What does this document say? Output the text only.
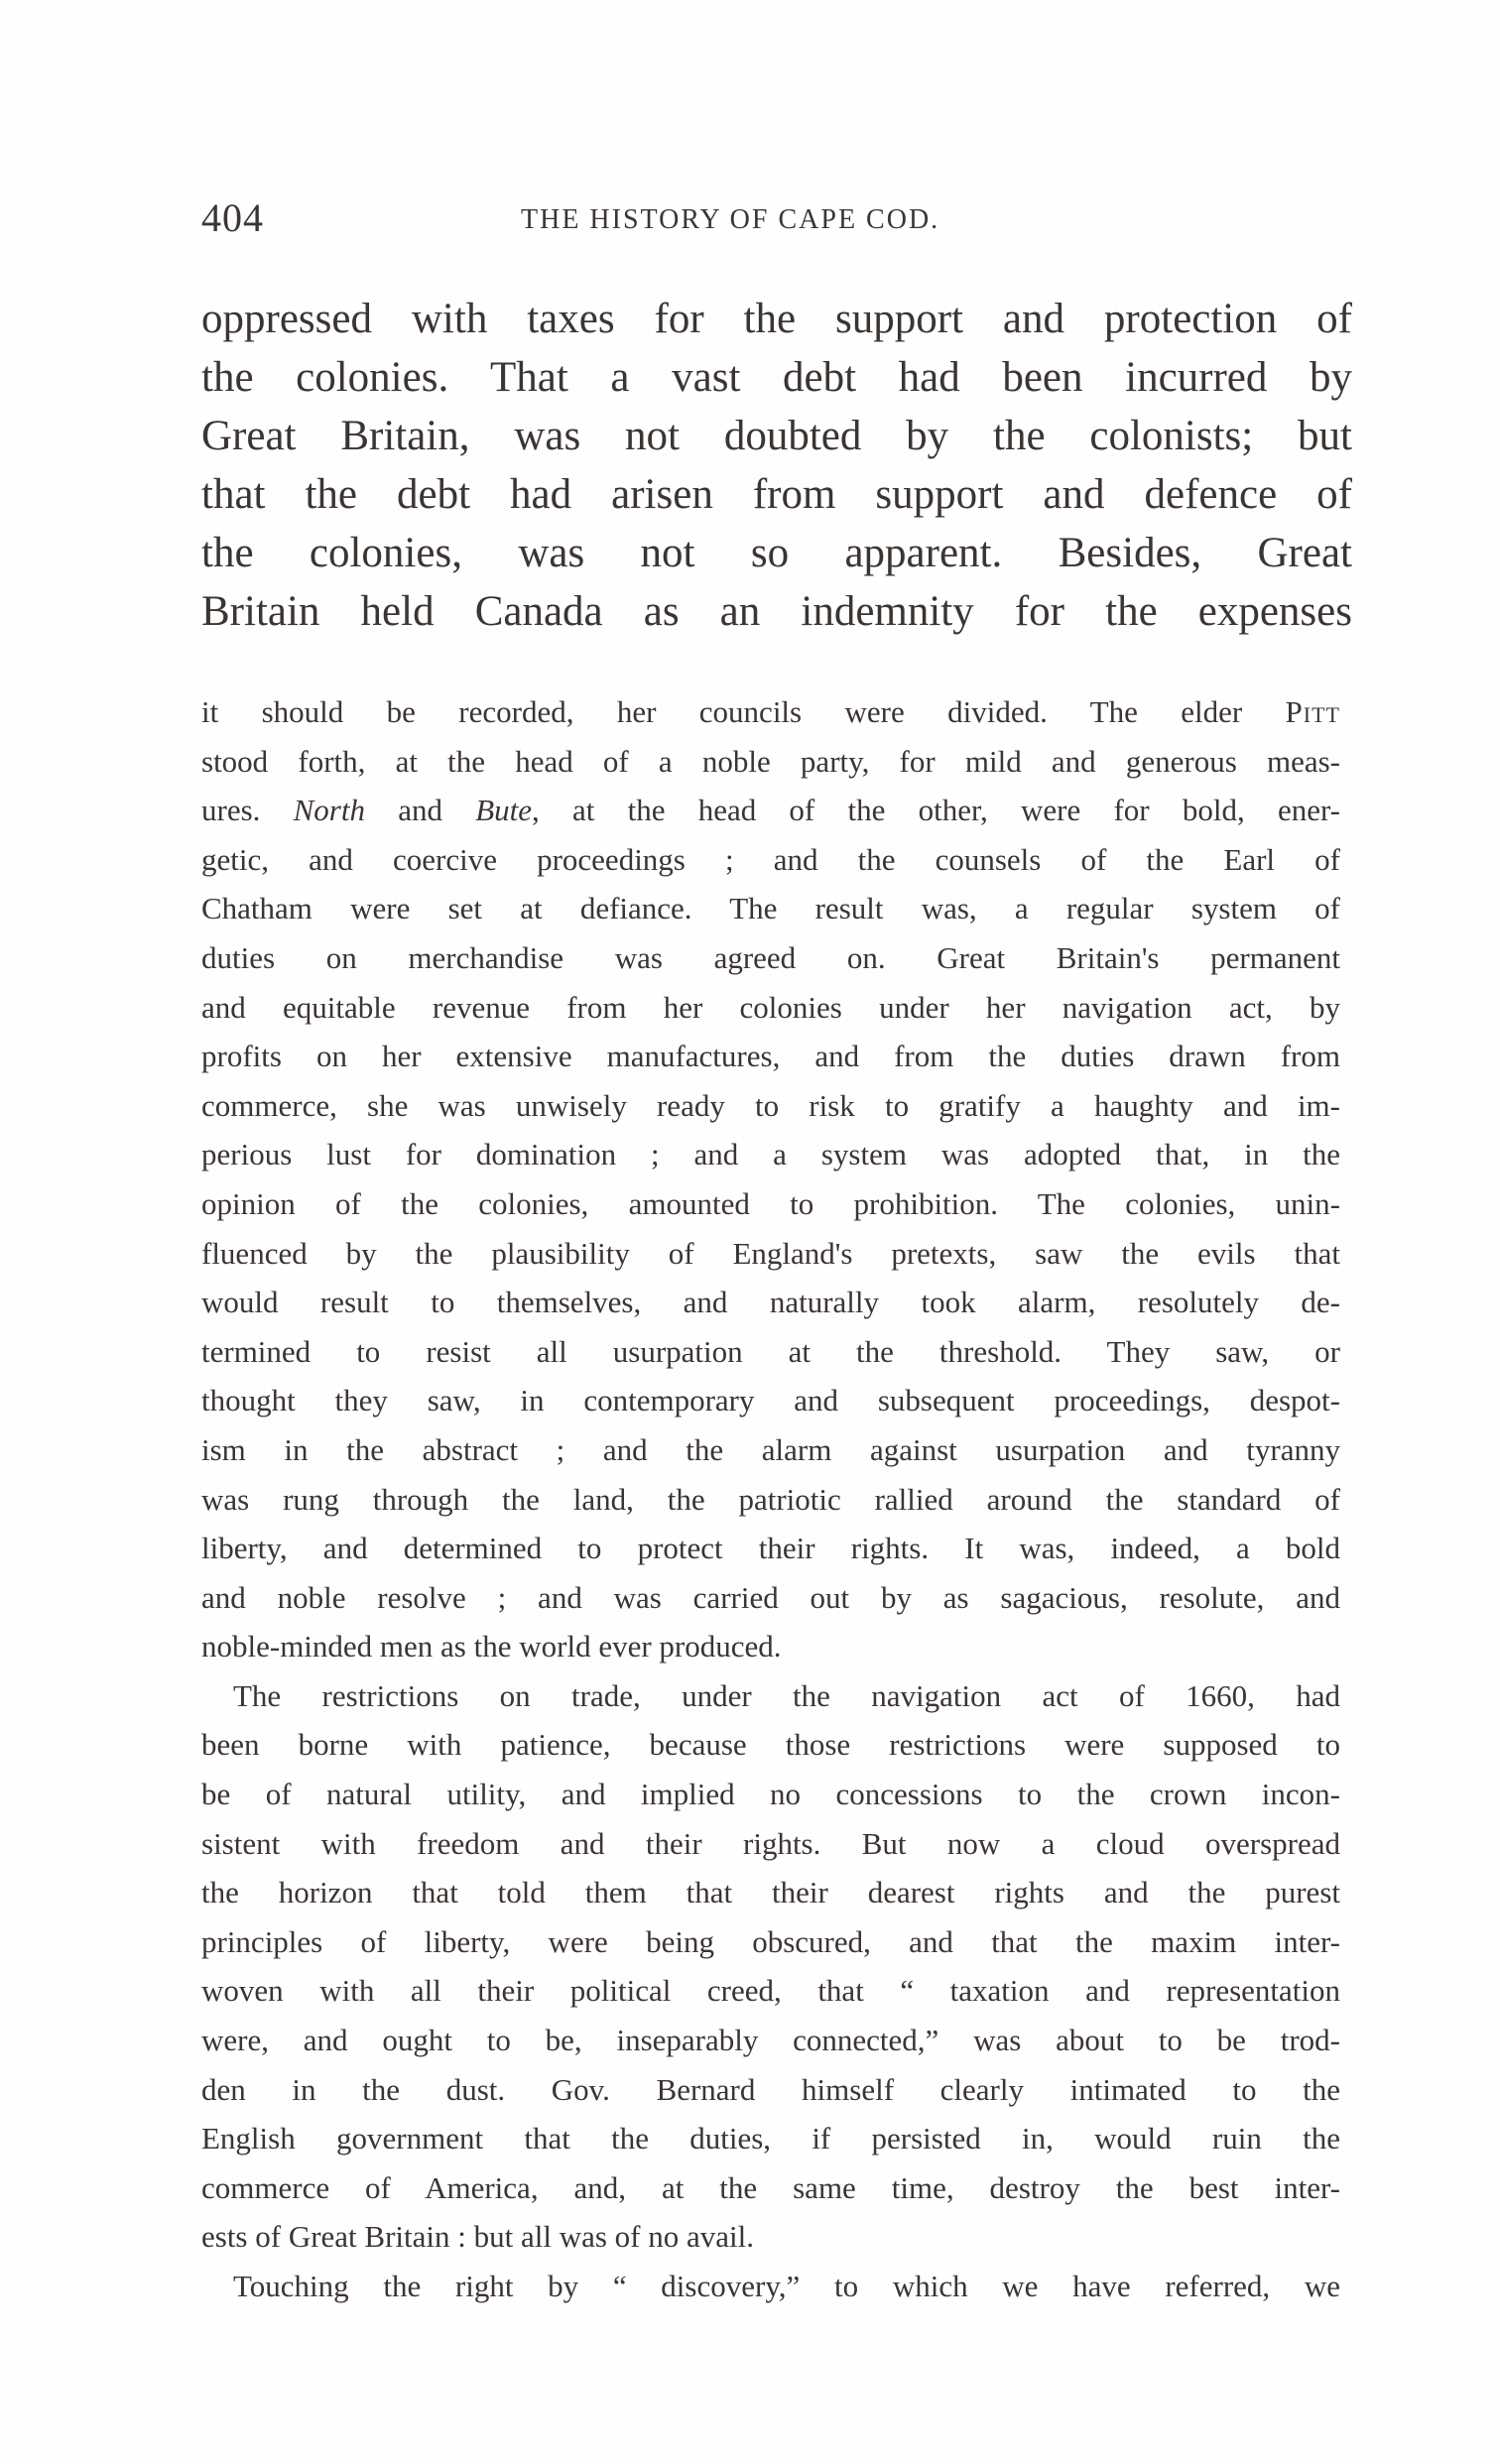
404	THE HISTORY OF CAPE COD.
oppressed with taxes for the support and protection of
the colonies. That a vast debt had been incurred by
Great Britain, was not doubted by the colonists; but
that the debt had arisen from support and defence of
the colonies, was not so apparent. Besides, Great
Britain held Canada as an indemnity for the expenses
it should be recorded, her councils were divided. The elder Pitt
stood forth, at the head of a noble party, for mild and generous meas-
ures. North and Bute, at the head of the other, were for bold, ener-
getic, and coercive proceedings ; and the counsels of the Earl of
Chatham were set at defiance. The result was, a regular system of
duties on merchandise was agreed on. Great Britain's permanent
and equitable revenue from her colonies under her navigation act, by
profits on her extensive manufactures, and from the duties drawn from
commerce, she was unwisely ready to risk to gratify a haughty and im-
perious lust for domination ; and a system was adopted that, in the
opinion of the colonies, amounted to prohibition. The colonies, unin-
fluenced by the plausibility of England's pretexts, saw the evils that
would result to themselves, and naturally took alarm, resolutely de-
termined to resist all usurpation at the threshold. They saw, or
thought they saw, in contemporary and subsequent proceedings, despot-
ism in the abstract ; and the alarm against usurpation and tyranny
was rung through the land, the patriotic rallied around the standard of
liberty, and determined to protect their rights. It was, indeed, a bold
and noble resolve ; and was carried out by as sagacious, resolute, and
noble-minded men as the world ever produced.
The restrictions on trade, under the navigation act of 1660, had
been borne with patience, because those restrictions were supposed to
be of natural utility, and implied no concessions to the crown incon-
sistent with freedom and their rights. But now a cloud overspread
the horizon that told them that their dearest rights and the purest
principles of liberty, were being obscured, and that the maxim inter-
woven with all their political creed, that “ taxation and representation
were, and ought to be, inseparably connected,” was about to be trod-
den in the dust. Gov. Bernard himself clearly intimated to the
English government that the duties, if persisted in, would ruin the
commerce of America, and, at the same time, destroy the best inter-
ests of Great Britain : but all was of no avail.
Touching the right by “ discovery,” to which we have referred, we
